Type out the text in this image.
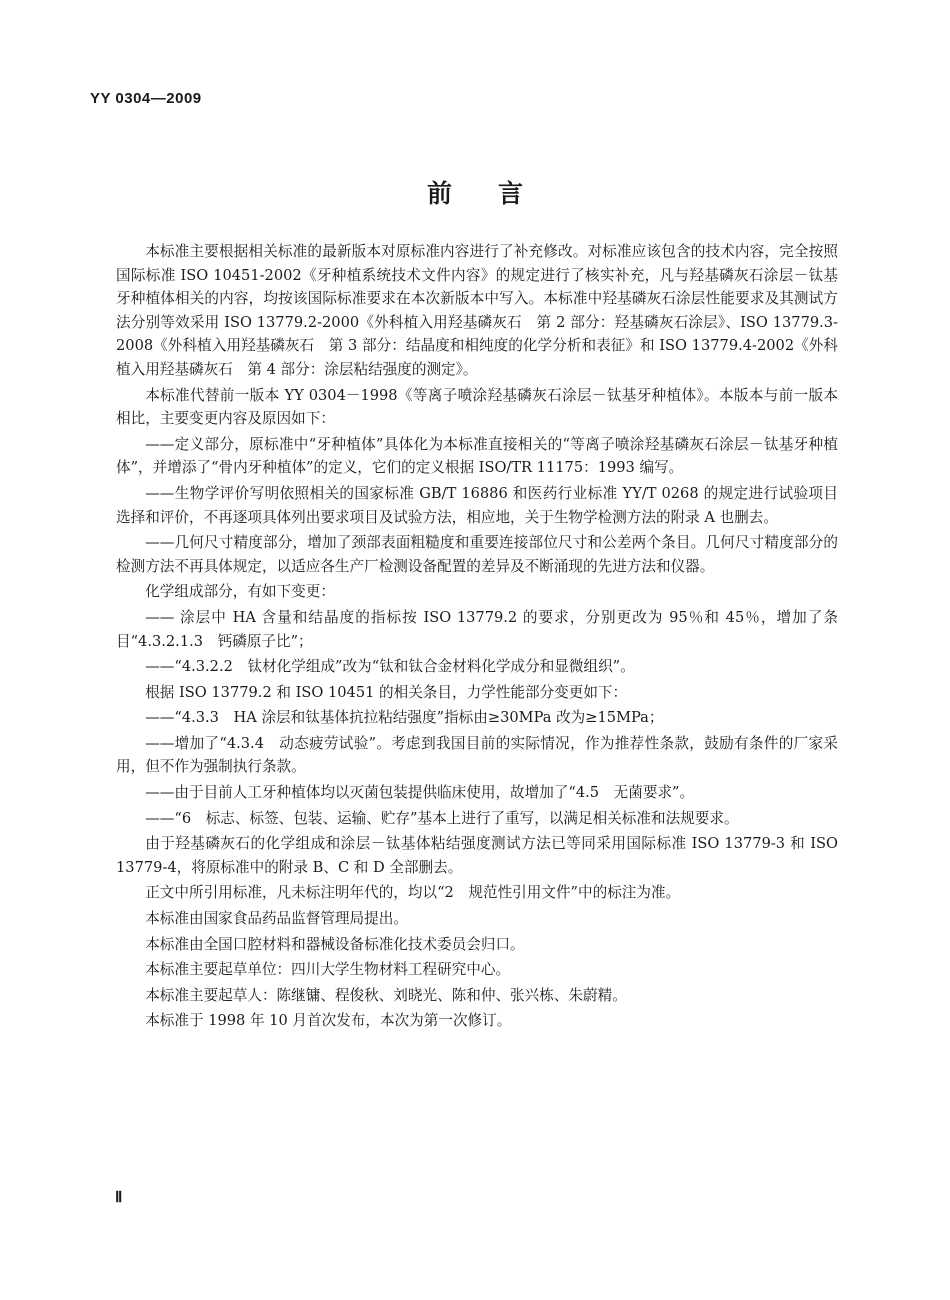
YY 0304—2009
前言

本标准主要根据相关标准的最新版本对原标准内容进行了补充修改。对标准应该包含的技术内容，完全按照国际标准 ISO 10451-2002《牙种植系统技术文件内容》的规定进行了核实补充，凡与羟基磷灰石涂层－钛基牙种植体相关的内容，均按该国际标准要求在本次新版本中写入。本标准中羟基磷灰石涂层性能要求及其测试方法分别等效采用 ISO 13779.2-2000《外科植入用羟基磷灰石　第 2 部分：羟基磷灰石涂层》、ISO 13779.3-2008《外科植入用羟基磷灰石　第 3 部分：结晶度和相纯度的化学分析和表征》和 ISO 13779.4-2002《外科植入用羟基磷灰石　第 4 部分：涂层粘结强度的测定》。

本标准代替前一版本 YY 0304－1998《等离子喷涂羟基磷灰石涂层－钛基牙种植体》。本版本与前一版本相比，主要变更内容及原因如下：

——定义部分，原标准中“牙种植体”具体化为本标准直接相关的“等离子喷涂羟基磷灰石涂层－钛基牙种植体”，并增添了“骨内牙种植体”的定义，它们的定义根据 ISO/TR 11175：1993 编写。

——生物学评价写明依照相关的国家标准 GB/T 16886 和医药行业标准 YY/T 0268 的规定进行试验项目选择和评价，不再逐项具体列出要求项目及试验方法，相应地，关于生物学检测方法的附录 A 也删去。

——几何尺寸精度部分，增加了颈部表面粗糙度和重要连接部位尺寸和公差两个条目。几何尺寸精度部分的检测方法不再具体规定，以适应各生产厂检测设备配置的差异及不断涌现的先进方法和仪器。

化学组成部分，有如下变更：

—— 涂层中 HA 含量和结晶度的指标按 ISO 13779.2 的要求，分别更改为 95％和 45％，增加了条目“4.3.2.1.3　钙磷原子比”；

——“4.3.2.2　钛材化学组成”改为“钛和钛合金材料化学成分和显微组织”。

根据 ISO 13779.2 和 ISO 10451 的相关条目，力学性能部分变更如下：

——“4.3.3　HA 涂层和钛基体抗拉粘结强度”指标由≥30MPa 改为≥15MPa；

——增加了“4.3.4　动态疲劳试验”。考虑到我国目前的实际情况，作为推荐性条款，鼓励有条件的厂家采用，但不作为强制执行条款。

——由于目前人工牙种植体均以灭菌包装提供临床使用，故增加了“4.5　无菌要求”。

——“6　标志、标签、包装、运输、贮存”基本上进行了重写，以满足相关标准和法规要求。

由于羟基磷灰石的化学组成和涂层－钛基体粘结强度测试方法已等同采用国际标准 ISO 13779-3 和 ISO 13779-4，将原标准中的附录 B、C 和 D 全部删去。

正文中所引用标准，凡未标注明年代的，均以“2　规范性引用文件”中的标注为准。

本标准由国家食品药品监督管理局提出。

本标准由全国口腔材料和器械设备标准化技术委员会归口。

本标准主要起草单位：四川大学生物材料工程研究中心。

本标准主要起草人：陈继镛、程俊秋、刘晓光、陈和仲、张兴栋、朱蔚精。

本标准于 1998 年 10 月首次发布，本次为第一次修订。

Ⅱ
